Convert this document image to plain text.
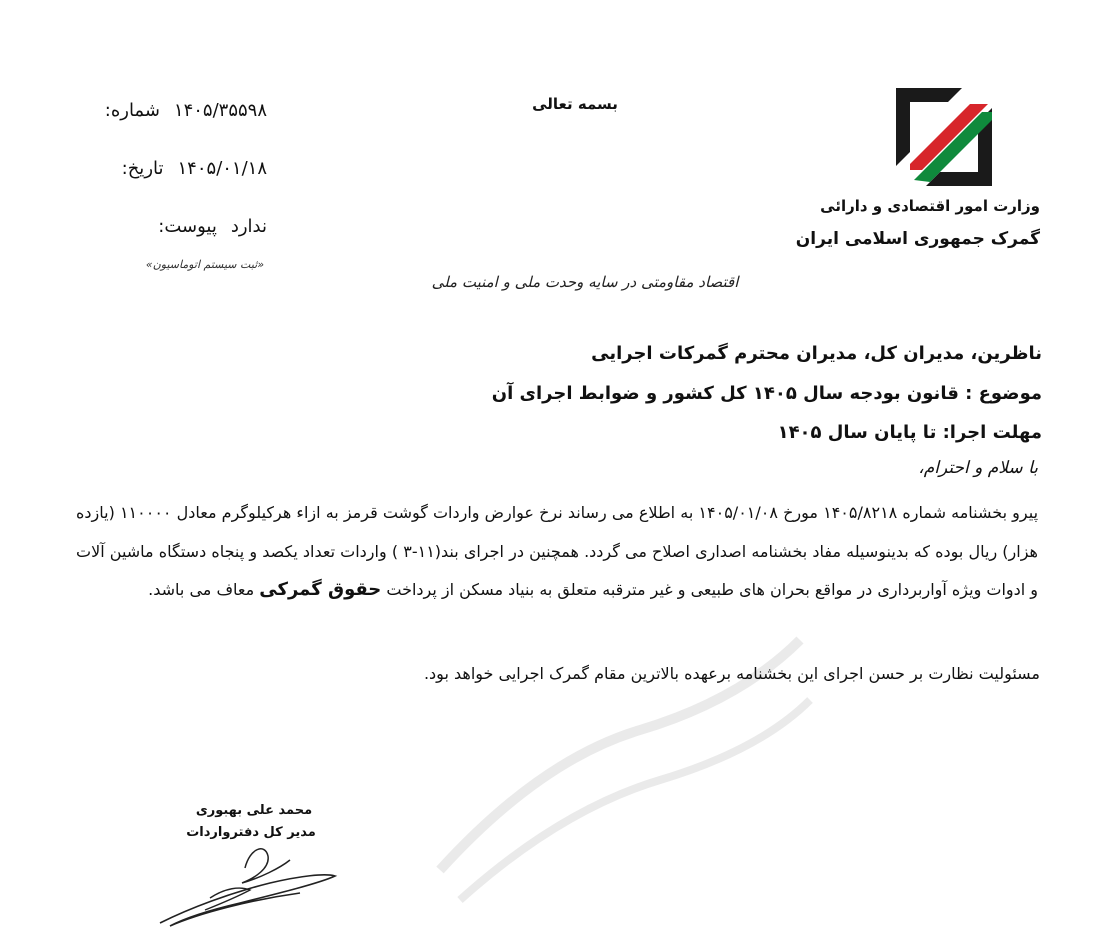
وزارت امور اقتصادی و دارائی
گمرک جمهوری اسلامی ایران
بسمه تعالی
شماره: ۱۴۰۵/۳۵۵۹۸
تاریخ: ۱۴۰۵/۰۱/۱۸
پیوست: ندارد
«ثبت سیستم اتوماسیون»
اقتصاد مقاومتی در سایه وحدت ملی و امنیت ملی
ناظرین، مدیران کل، مدیران محترم گمرکات اجرایی
موضوع : قانون بودجه سال ۱۴۰۵ کل کشور و ضوابط اجرای آن
مهلت اجرا: تا پایان سال ۱۴۰۵
با سلام و احترام،
پیرو بخشنامه شماره ۱۴۰۵/۸۲۱۸ مورخ ۱۴۰۵/۰۱/۰۸ به اطلاع می رساند نرخ عوارض واردات گوشت قرمز به ازاء هرکیلوگرم معادل ۱۱۰۰۰۰ (یازده هزار) ریال بوده که بدینوسیله مفاد بخشنامه اصداری اصلاح می گردد. همچنین در اجرای بند(۱۱-۳ ) واردات تعداد یکصد و پنجاه دستگاه ماشین آلات و ادوات ویژه آواربرداری در مواقع بحران های طبیعی و غیر مترقبه متعلق به بنیاد مسکن از پرداخت حقوق گمرکی معاف می باشد.
مسئولیت نظارت بر حسن اجرای این بخشنامه برعهده بالاترین مقام گمرک اجرایی خواهد بود.
محمد علی بهبوری
مدیر کل دفترواردات
